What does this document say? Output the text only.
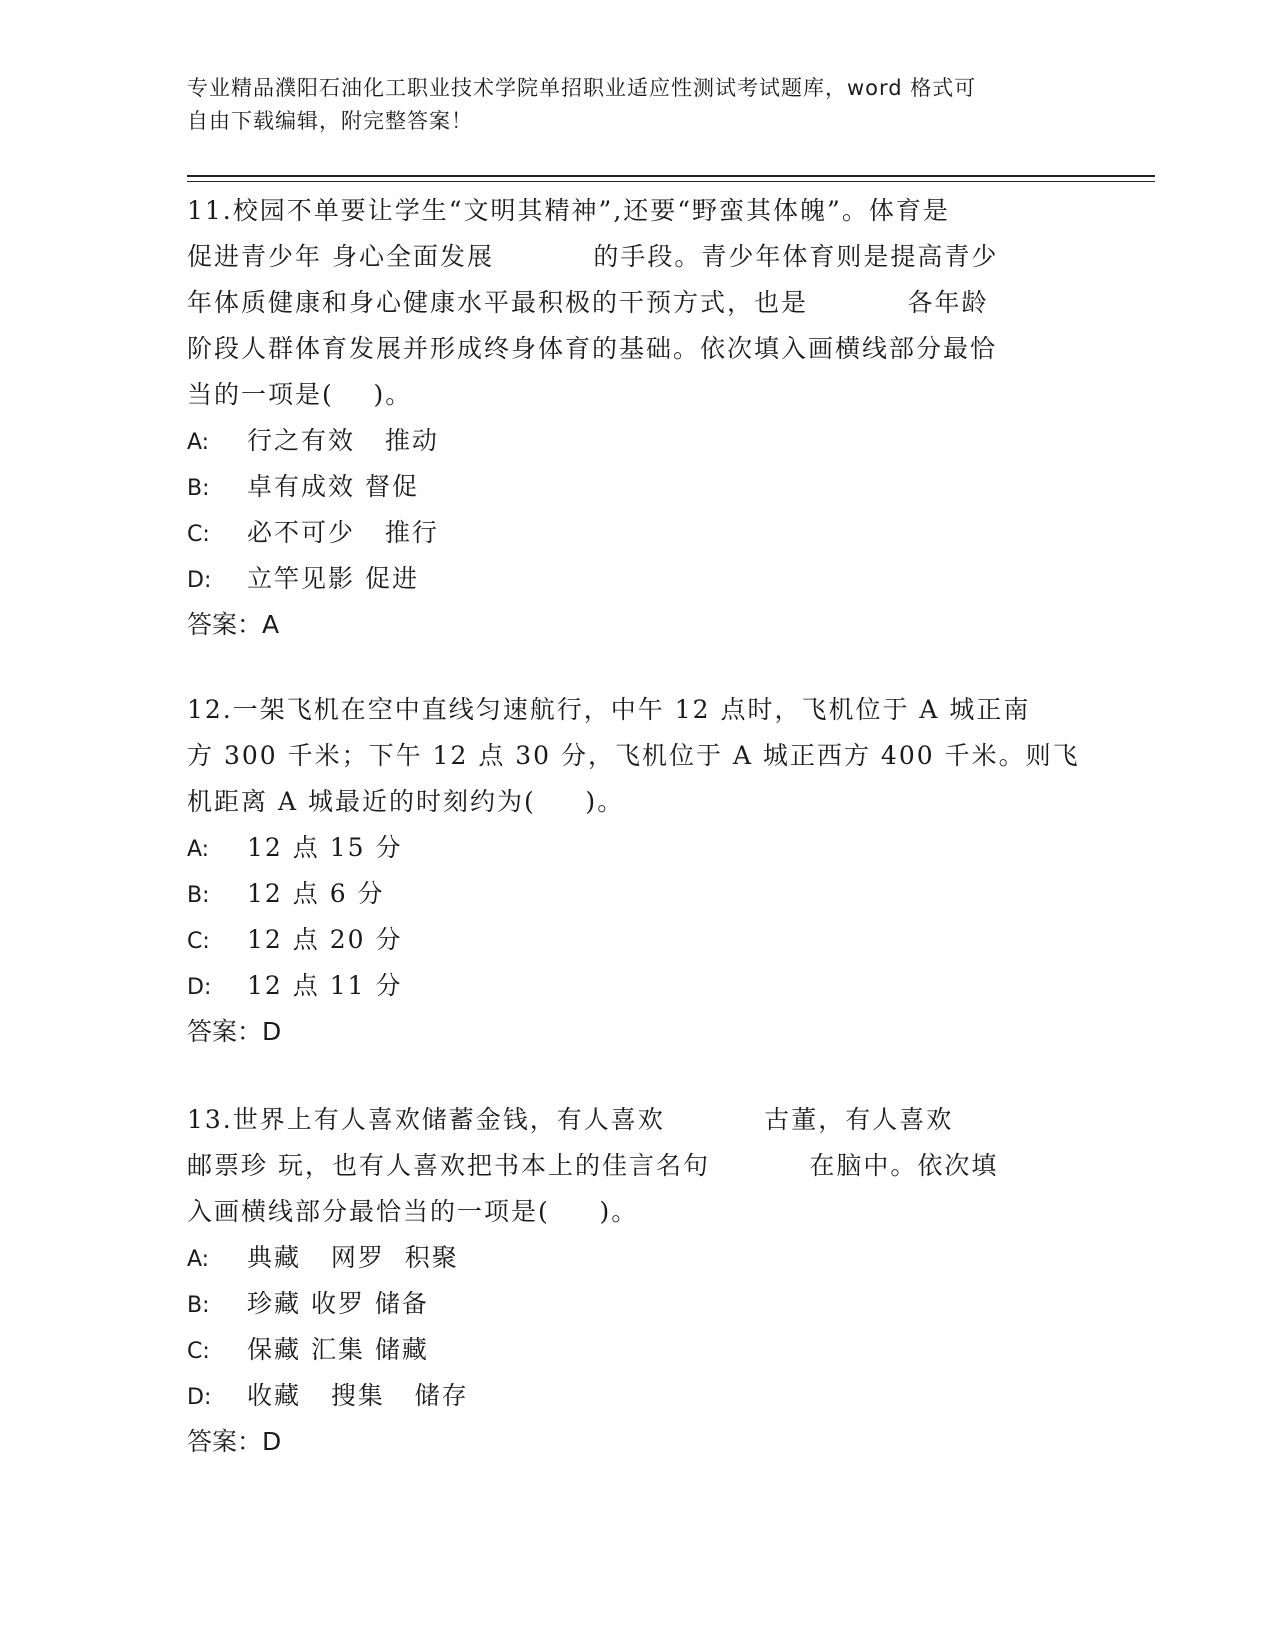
专业精品濮阳石油化工职业技术学院单招职业适应性测试考试题库，word 格式可
自由下载编辑，附完整答案！
11.校园不单要让学生“文明其精神”,还要“野蛮其体魄”。体育是
促进青少年 身心全面发展          的手段。青少年体育则是提高青少
年体质健康和身心健康水平最积极的干预方式，也是          各年龄
阶段人群体育发展并形成终身体育的基础。依次填入画横线部分最恰
当的一项是(    )。
A: 行之有效   推动
B: 卓有成效 督促
C: 必不可少   推行
D: 立竿见影 促进
答案：A
12.一架飞机在空中直线匀速航行，中午 12 点时，飞机位于 A 城正南
方 300 千米；下午 12 点 30 分，飞机位于 A 城正西方 400 千米。则飞
机距离 A 城最近的时刻约为(     )。
A: 12 点 15 分
B: 12 点 6 分
C: 12 点 20 分
D: 12 点 11 分
答案：D
13.世界上有人喜欢储蓄金钱，有人喜欢          古董，有人喜欢
邮票珍 玩，也有人喜欢把书本上的佳言名句          在脑中。依次填
入画横线部分最恰当的一项是(     )。
A: 典藏   网罗  积聚
B: 珍藏 收罗 储备
C: 保藏 汇集 储藏
D: 收藏   搜集   储存
答案：D
